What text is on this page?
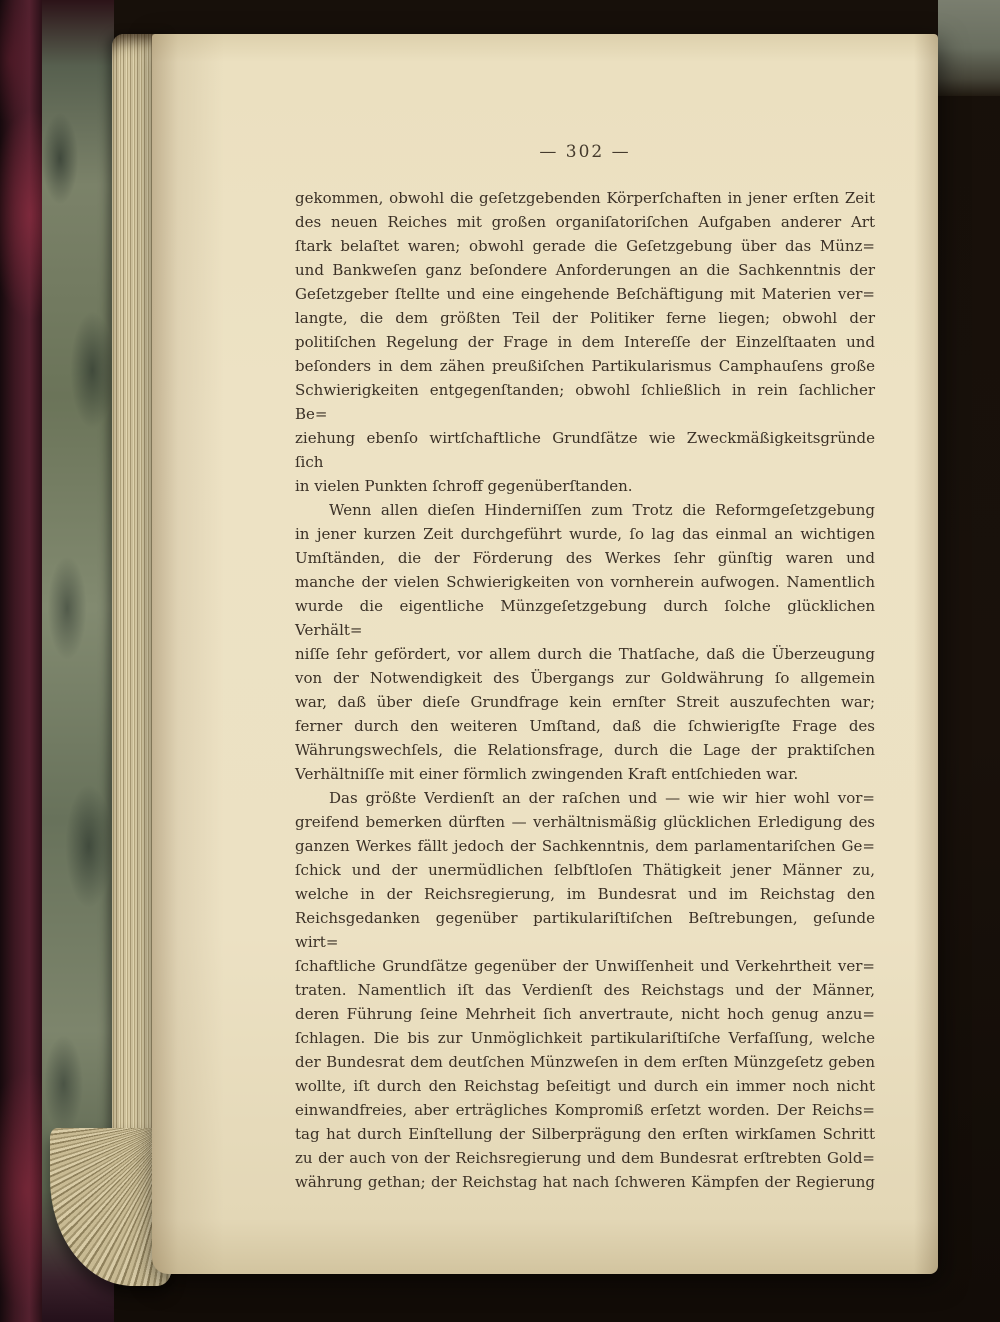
— 302 —
gekommen, obwohl die geſetzgebenden Körperſchaften in jener erſten Zeit
des neuen Reiches mit großen organiſatoriſchen Aufgaben anderer Art
ſtark belaſtet waren; obwohl gerade die Geſetzgebung über das Münz=
und Bankweſen ganz beſondere Anforderungen an die Sachkenntnis der
Geſetzgeber ſtellte und eine eingehende Beſchäftigung mit Materien ver=
langte, die dem größten Teil der Politiker ferne liegen; obwohl der
politiſchen Regelung der Frage in dem Intereſſe der Einzelſtaaten und
beſonders in dem zähen preußiſchen Partikularismus Camphauſens große
Schwierigkeiten entgegenſtanden; obwohl ſchließlich in rein ſachlicher Be=
ziehung ebenſo wirtſchaftliche Grundſätze wie Zweckmäßigkeitsgründe ſich
in vielen Punkten ſchroff gegenüberſtanden.
Wenn allen dieſen Hinderniſſen zum Trotz die Reformgeſetzgebung
in jener kurzen Zeit durchgeführt wurde, ſo lag das einmal an wichtigen
Umſtänden, die der Förderung des Werkes ſehr günſtig waren und
manche der vielen Schwierigkeiten von vornherein aufwogen. Namentlich
wurde die eigentliche Münzgeſetzgebung durch ſolche glücklichen Verhält=
niſſe ſehr gefördert, vor allem durch die Thatſache, daß die Überzeugung
von der Notwendigkeit des Übergangs zur Goldwährung ſo allgemein
war, daß über dieſe Grundfrage kein ernſter Streit auszufechten war;
ferner durch den weiteren Umſtand, daß die ſchwierigſte Frage des
Währungswechſels, die Relationsfrage, durch die Lage der praktiſchen
Verhältniſſe mit einer förmlich zwingenden Kraft entſchieden war.
Das größte Verdienſt an der raſchen und — wie wir hier wohl vor=
greifend bemerken dürften — verhältnismäßig glücklichen Erledigung des
ganzen Werkes fällt jedoch der Sachkenntnis, dem parlamentariſchen Ge=
ſchick und der unermüdlichen ſelbſtloſen Thätigkeit jener Männer zu,
welche in der Reichsregierung, im Bundesrat und im Reichstag den
Reichsgedanken gegenüber partikulariſtiſchen Beſtrebungen, geſunde wirt=
ſchaftliche Grundſätze gegenüber der Unwiſſenheit und Verkehrtheit ver=
traten. Namentlich iſt das Verdienſt des Reichstags und der Männer,
deren Führung ſeine Mehrheit ſich anvertraute, nicht hoch genug anzu=
ſchlagen. Die bis zur Unmöglichkeit partikulariſtiſche Verfaſſung, welche
der Bundesrat dem deutſchen Münzweſen in dem erſten Münzgeſetz geben
wollte, iſt durch den Reichstag beſeitigt und durch ein immer noch nicht
einwandfreies, aber erträgliches Kompromiß erſetzt worden. Der Reichs=
tag hat durch Einſtellung der Silberprägung den erſten wirkſamen Schritt
zu der auch von der Reichsregierung und dem Bundesrat erſtrebten Gold=
währung gethan; der Reichstag hat nach ſchweren Kämpfen der Regierung
